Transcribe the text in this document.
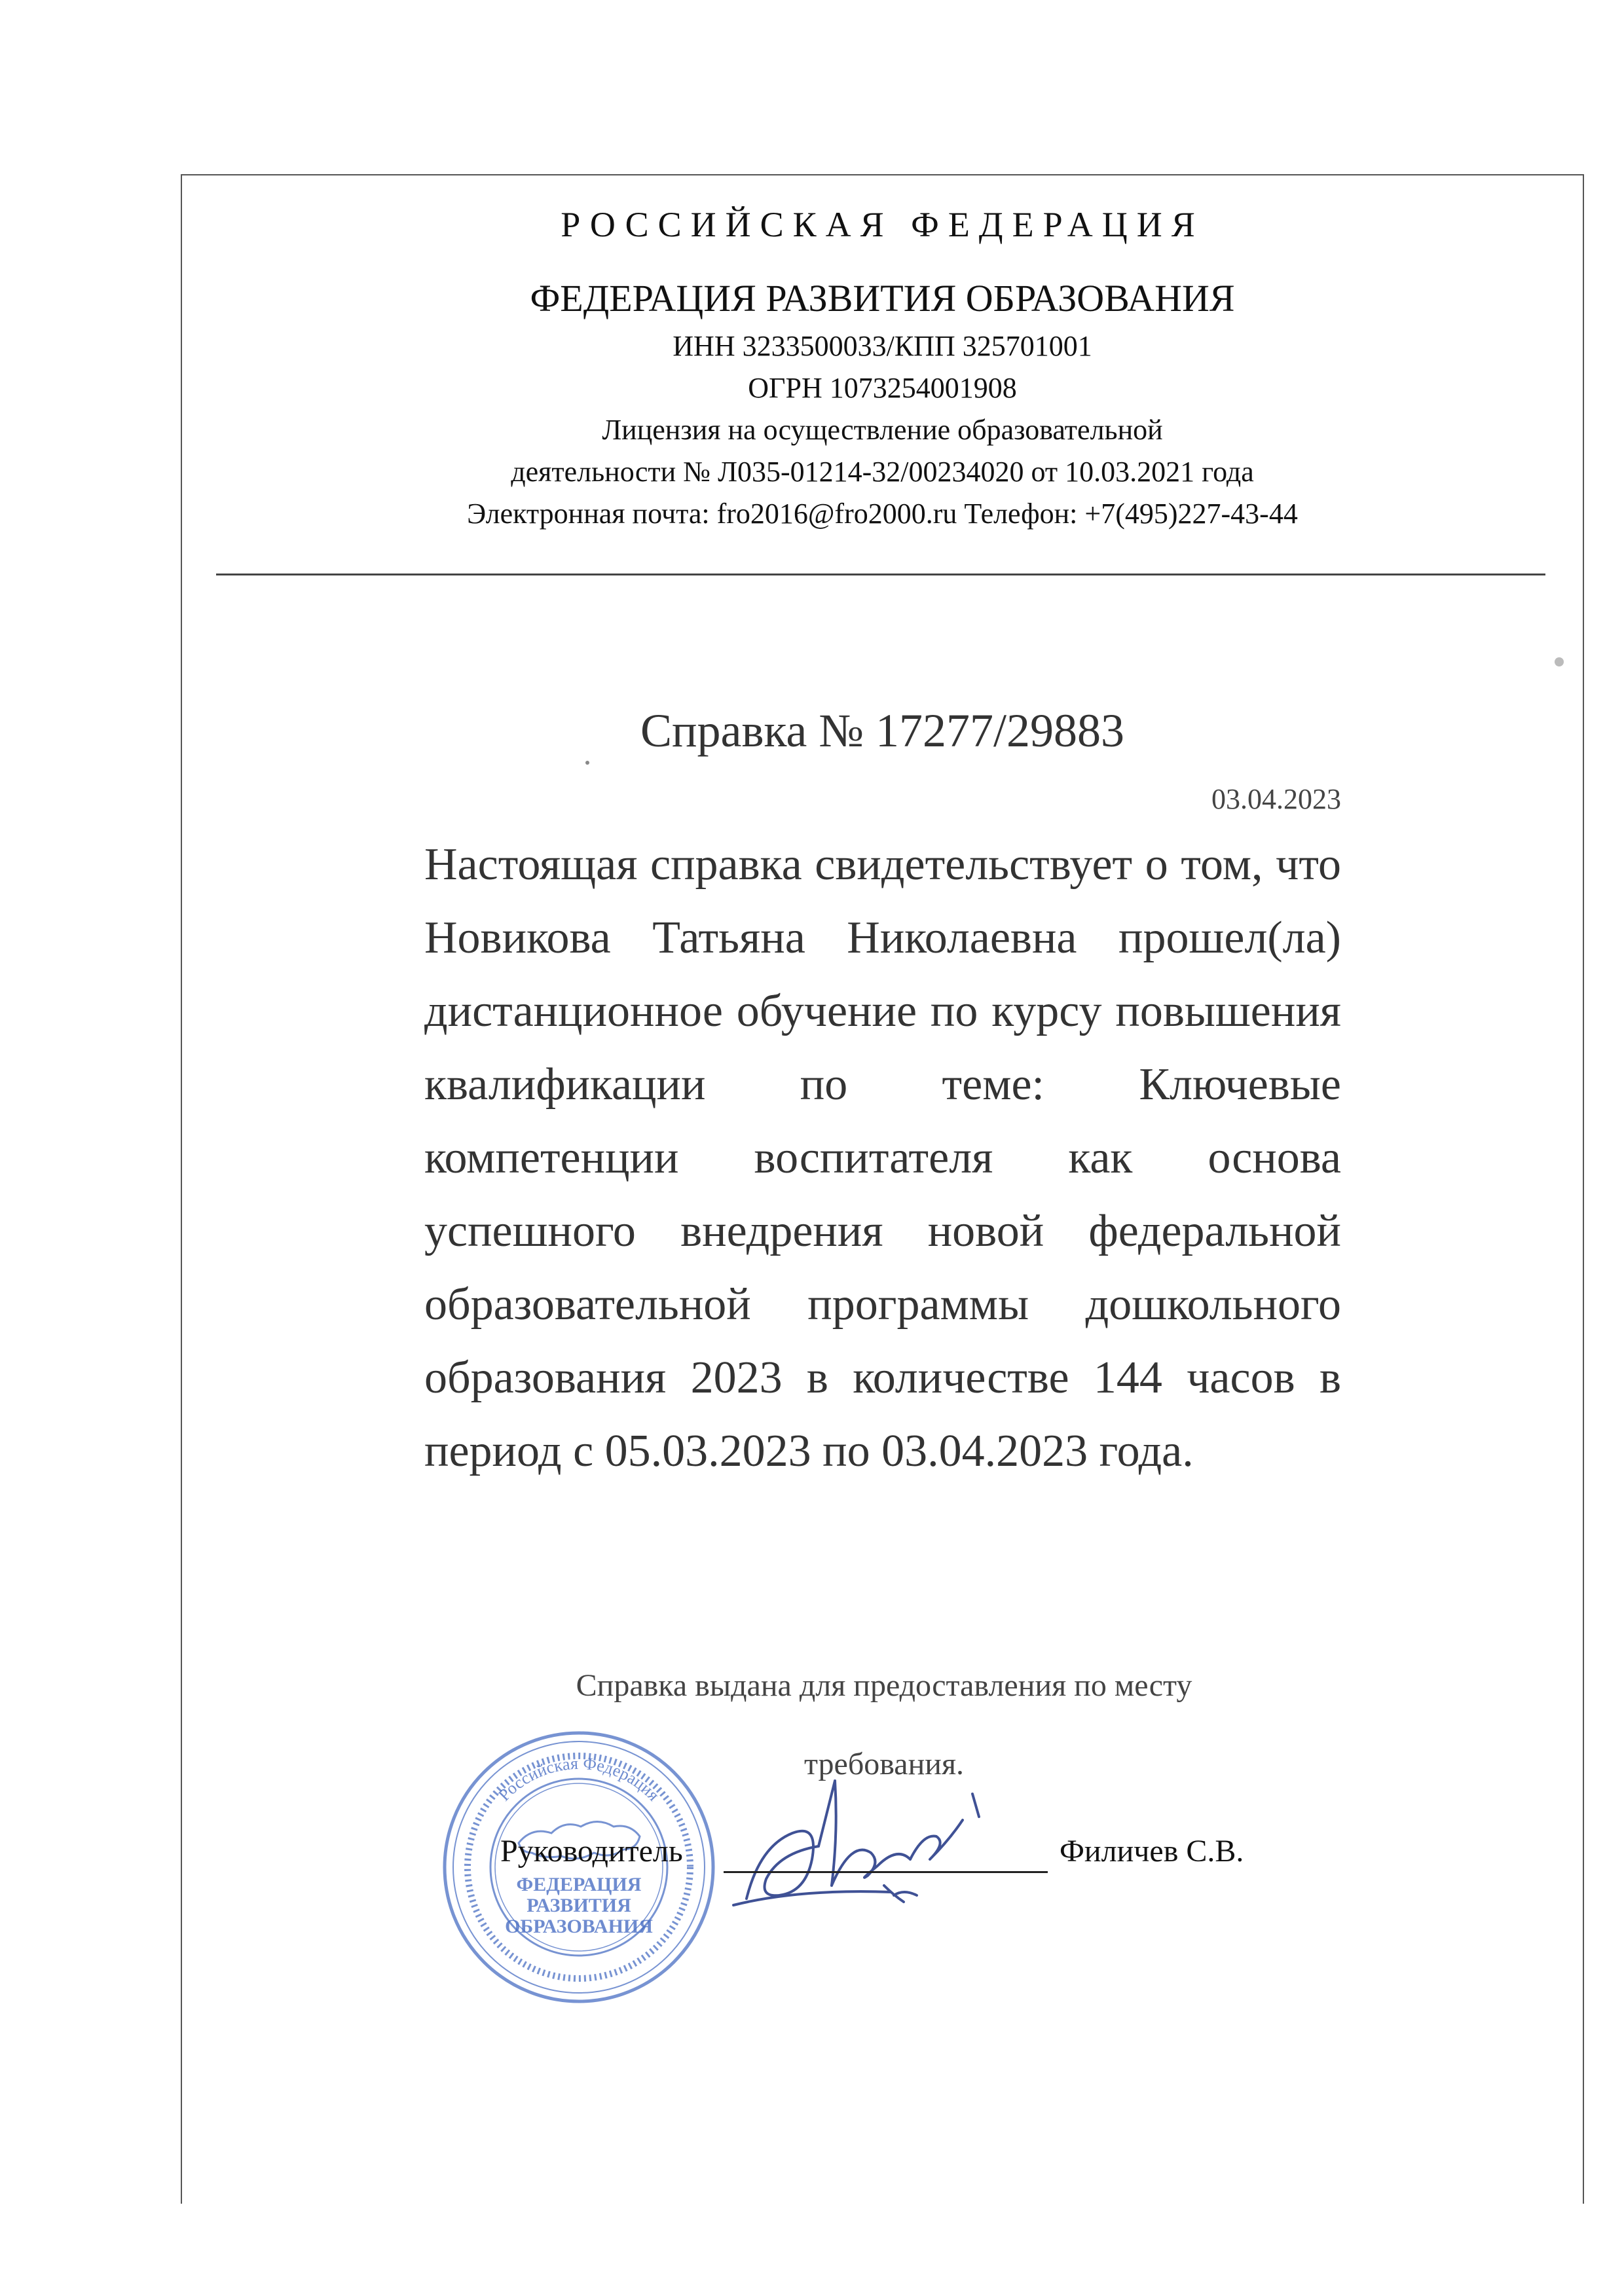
РОССИЙСКАЯ ФЕДЕРАЦИЯ
ФЕДЕРАЦИЯ РАЗВИТИЯ ОБРАЗОВАНИЯ
ИНН 3233500033/КПП 325701001
ОГРН 1073254001908
Лицензия на осуществление образовательной
деятельности № Л035-01214-32/00234020 от 10.03.2021 года
Электронная почта: fro2016@fro2000.ru Телефон: +7(495)227-43-44
Справка № 17277/29883
03.04.2023
Настоящая справка свидетельствует о том, что Новикова Татьяна Николаевна прошел(ла) дистанционное обучение по курсу повышения квалификации по теме: Ключевые компетенции воспитателя как основа успешного внедрения новой федеральной образовательной программы дошкольного образования 2023 в количестве 144 часов в период с 05.03.2023 по 03.04.2023 года.
Справка выдана для предоставления по месту требования.
Российская Федерация
ФЕДЕРАЦИЯ
РАЗВИТИЯ
ОБРАЗОВАНИЯ
Руководитель	Филичев С.В.
